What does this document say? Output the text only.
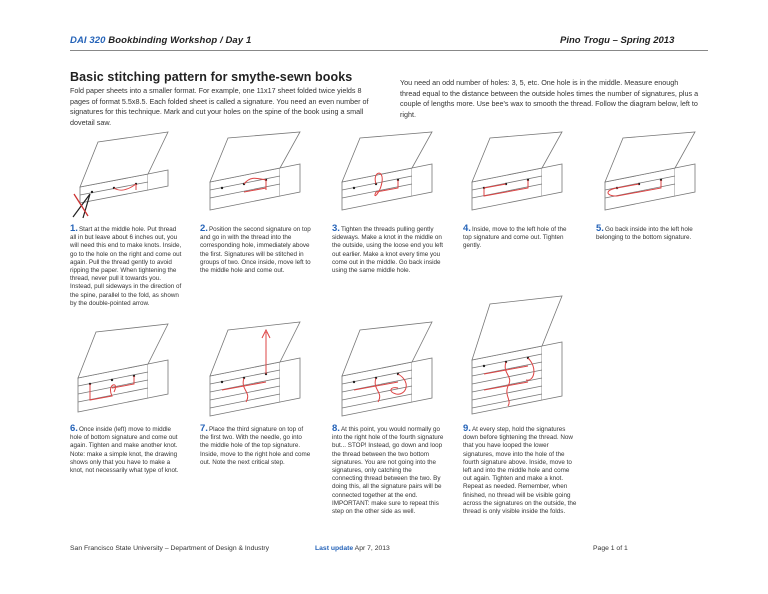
DAI 320 Bookbinding Workshop / Day 1	Pino Trogu – Spring 2013
Basic stitching pattern for smythe-sewn books
Fold paper sheets into a smaller format. For example, one 11x17 sheet folded twice yields 8 pages of format 5.5x8.5. Each folded sheet is called a signature. You need an even number of signatures for this technique. Mark and cut your holes on the spine of the book using a small dovetail saw.
You need an odd number of holes: 3, 5, etc. One hole is in the middle. Measure enough thread equal to the distance between the outside holes times the number of signatures, plus a couple of lengths more. Use bee's wax to smooth the thread. Follow the diagram below, left to right.
1.Start at the middle hole. Put thread all in but leave about 6 inches out, you will need this end to make knots. Inside, go to the hole on the right and come out again. Pull the thread gently to avoid ripping the paper. When tightening the thread, never pull it towards you. Instead, pull sideways in the direction of the spine, parallel to the fold, as shown by the double-pointed arrow.
2.Position the second signature on top and go in with the thread into the corresponding hole, immediately above the first. Signatures will be stitched in groups of two. Once inside, move left to the middle hole and come out.
3.Tighten the threads pulling gently sideways. Make a knot in the middle on the outside, using the loose end you left out earlier. Make a knot every time you come out in the middle. Go back inside using the same middle hole.
4.Inside, move to the left hole of the top signature and come out. Tighten gently.
5.Go back inside into the left hole belonging to the bottom signature.
6.Once inside (left) move to middle hole of bottom signature and come out again. Tighten and make another knot. Note: make a simple knot, the drawing shows only that you have to make a knot, not necessarily what type of knot.
7.Place the third signature on top of the first two. With the needle, go into the middle hole of the top signature. Inside, move to the right hole and come out. Note the next critical step.
8.At this point, you would normally go into the right hole of the fourth signature but... STOP! Instead, go down and loop the thread between the two bottom signatures. You are not going into the signatures, only catching the connecting thread between the two. By doing this, all the signature pairs will be connected together at the end. IMPORTANT: make sure to repeat this step on the other side as well.
9.At every step, hold the signatures down before tightening the thread. Now that you have looped the lower signatures, move into the hole of the fourth signature above. Inside, move to left and into the middle hole and come out again. Tighten and make a knot. Repeat as needed. Remember, when finished, no thread will be visible going across the signatures on the outside, the thread is only visible inside the folds.
San Francisco State University – Department of Design & Industry	Last update Apr 7, 2013	Page 1 of 1
